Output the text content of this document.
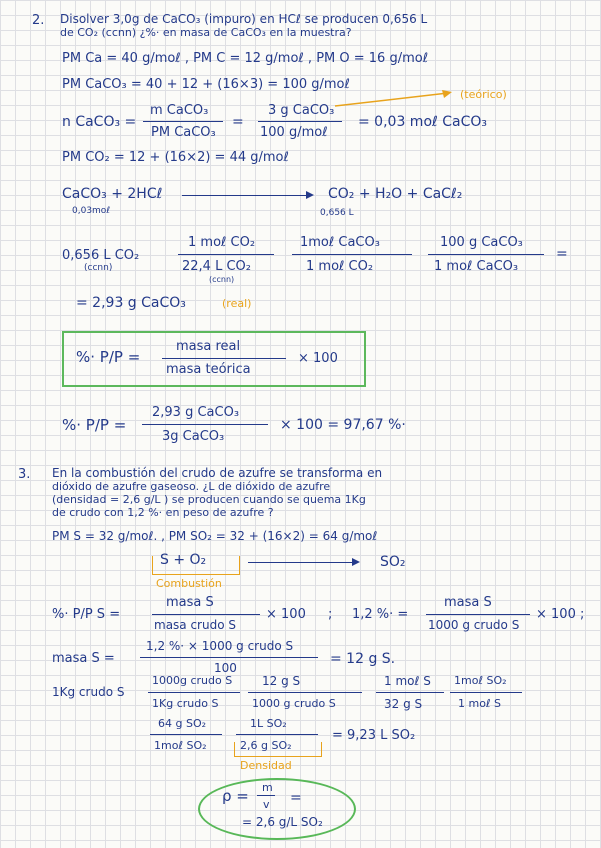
2. Disolver 3,0g de CaCO₃ (impuro) en HCℓ se producen 0,656 L
de CO₂ (ccnn) ¿%· en masa de CaCO₃ en la muestra?
PM Ca = 40 g/moℓ , PM C = 12 g/moℓ , PM O = 16 g/moℓ
PM CaCO₃ = 40 + 12 + (16×3) = 100 g/moℓ
(teórico)
n CaCO₃ =
m CaCO₃
PM CaCO₃
=
3 g CaCO₃
100 g/moℓ
= 0,03 moℓ CaCO₃
PM CO₂ = 12 + (16×2) = 44 g/moℓ
CaCO₃ + 2HCℓ	CO₂ + H₂O + CaCℓ₂
0,03moℓ	0,656 L
0,656 L CO₂
(ccnn)
1 moℓ CO₂
22,4 L CO₂
(ccnn)
1moℓ CaCO₃
1 moℓ CO₂
100 g CaCO₃
1 moℓ CaCO₃
=
= 2,93 g CaCO₃	(real)
%· P/P =
masa real
masa teórica
× 100
%· P/P =
2,93 g CaCO₃
3g CaCO₃
× 100 = 97,67 %·
3. En la combustión del crudo de azufre se transforma en
dióxido de azufre gaseoso. ¿L de dióxido de azufre
(densidad = 2,6 g/L ) se producen cuando se quema 1Kg
de crudo con 1,2 %· en peso de azufre ?
PM S = 32 g/moℓ. , PM SO₂ = 32 + (16×2) = 64 g/moℓ
S + O₂	SO₂
Combustión
%· P/P S =
masa S
masa crudo S
× 100 ; 1,2 %· =
masa S
1000 g crudo S
× 100 ;
masa S =
1,2 %· × 1000 g crudo S
100
= 12 g S.
1Kg crudo S
1000g crudo S
1Kg crudo S
12 g S
1000 g crudo S
1 moℓ S
32 g S
1moℓ SO₂
1 moℓ S
64 g SO₂
1moℓ SO₂
1L SO₂
2,6 g SO₂
= 9,23 L SO₂
Densidad
ρ = m
v =
= 2,6 g/L SO₂
